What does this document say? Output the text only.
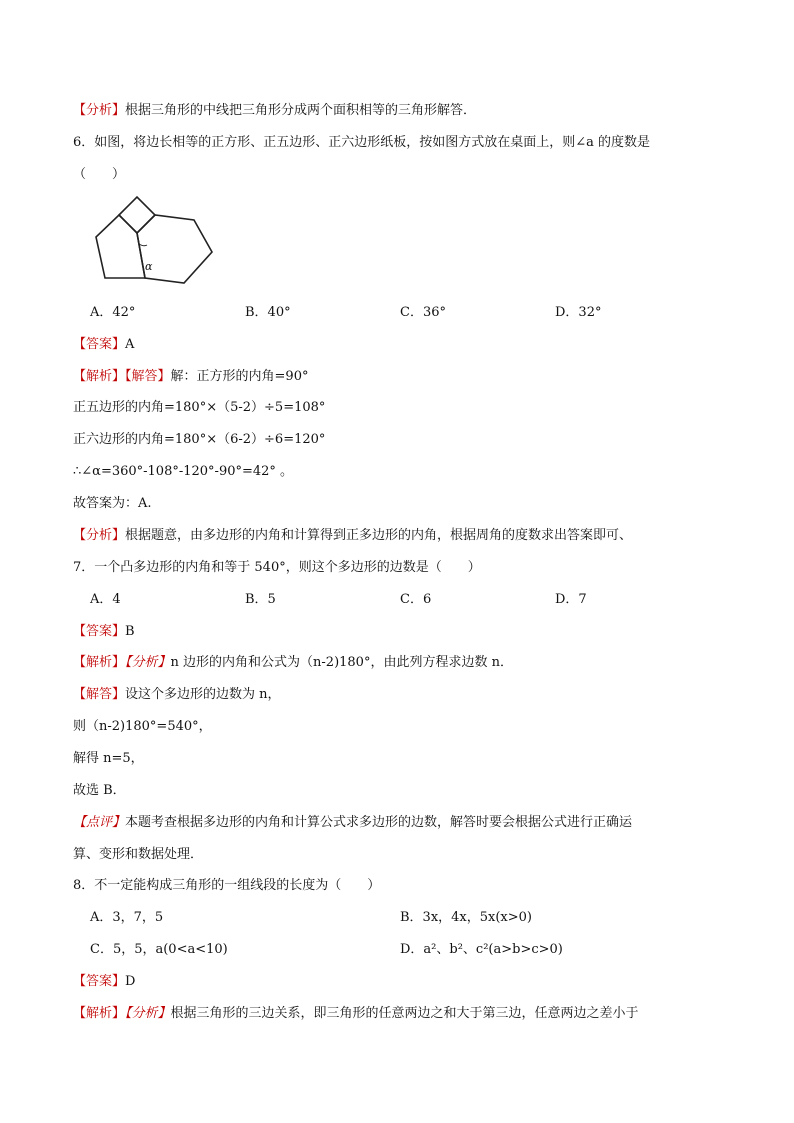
【分析】根据三角形的中线把三角形分成两个面积相等的三角形解答．
6．如图，将边长相等的正方形、正五边形、正六边形纸板，按如图方式放在桌面上，则∠a 的度数是
（　　）
α
A．42°	B．40°	C．36°	D．32°
【答案】A
【解析】【解答】解：正方形的内角=90°
正五边形的内角=180°×（5-2）÷5=108°
正六边形的内角=180°×（6-2）÷6=120°
∴∠α=360°-108°-120°-90°=42° 。
故答案为：A.
【分析】根据题意，由多边形的内角和计算得到正多边形的内角，根据周角的度数求出答案即可、
7．一个凸多边形的内角和等于 540°，则这个多边形的边数是（　　）
A．4	B．5	C．6	D．7
【答案】B
【解析】【分析】n 边形的内角和公式为（n-2)180°，由此列方程求边数 n．
【解答】设这个多边形的边数为 n，
则（n-2)180°=540°，
解得 n=5，
故选 B．
【点评】本题考查根据多边形的内角和计算公式求多边形的边数，解答时要会根据公式进行正确运
算、变形和数据处理．
8．不一定能构成三角形的一组线段的长度为（　　）
A．3，7，5	B．3x，4x，5x(x>0)
C．5，5，a(0<a<10)	D．a²、b²、c²(a>b>c>0)
【答案】D
【解析】【分析】根据三角形的三边关系，即三角形的任意两边之和大于第三边，任意两边之差小于
